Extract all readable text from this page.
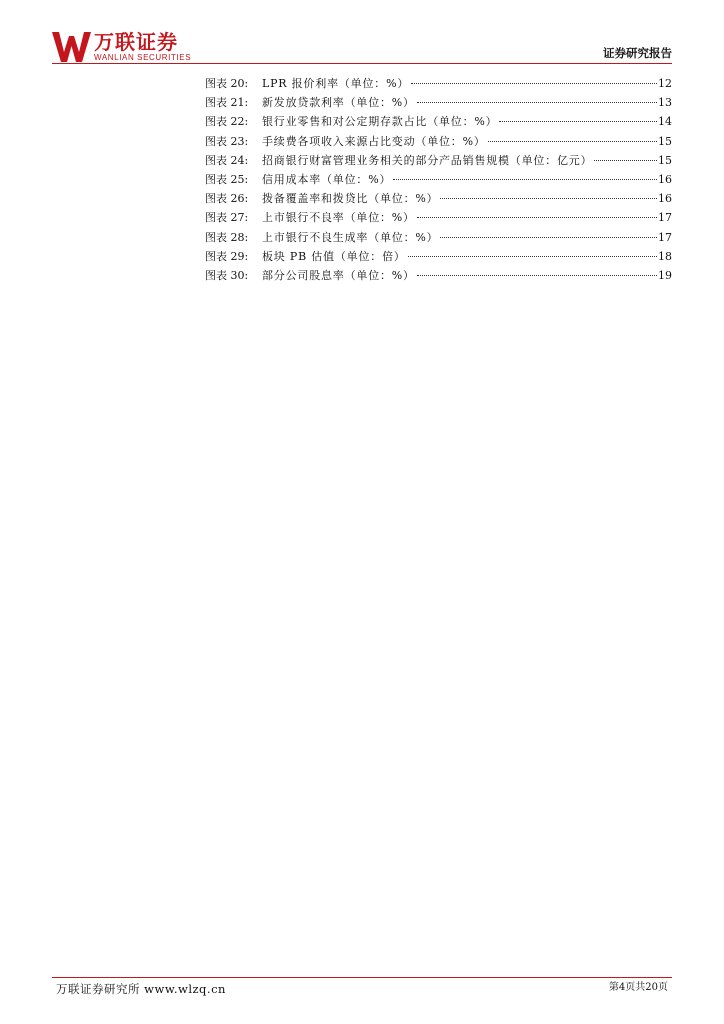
万联证券
WANLIAN SECURITIES	证券研究报告
图表 20:	LPR 报价利率（单位：%）	12
图表 21:	新发放贷款利率（单位：%）	13
图表 22:	银行业零售和对公定期存款占比（单位：%）	14
图表 23:	手续费各项收入来源占比变动（单位：%）	15
图表 24:	招商银行财富管理业务相关的部分产品销售规模（单位：亿元）	15
图表 25:	信用成本率（单位：%）	16
图表 26:	拨备覆盖率和拨贷比（单位：%）	16
图表 27:	上市银行不良率（单位：%）	17
图表 28:	上市银行不良生成率（单位：%）	17
图表 29:	板块 PB 估值（单位：倍）	18
图表 30:	部分公司股息率（单位：%）	19
万联证券研究所 www.wlzq.cn	第4页共20页
